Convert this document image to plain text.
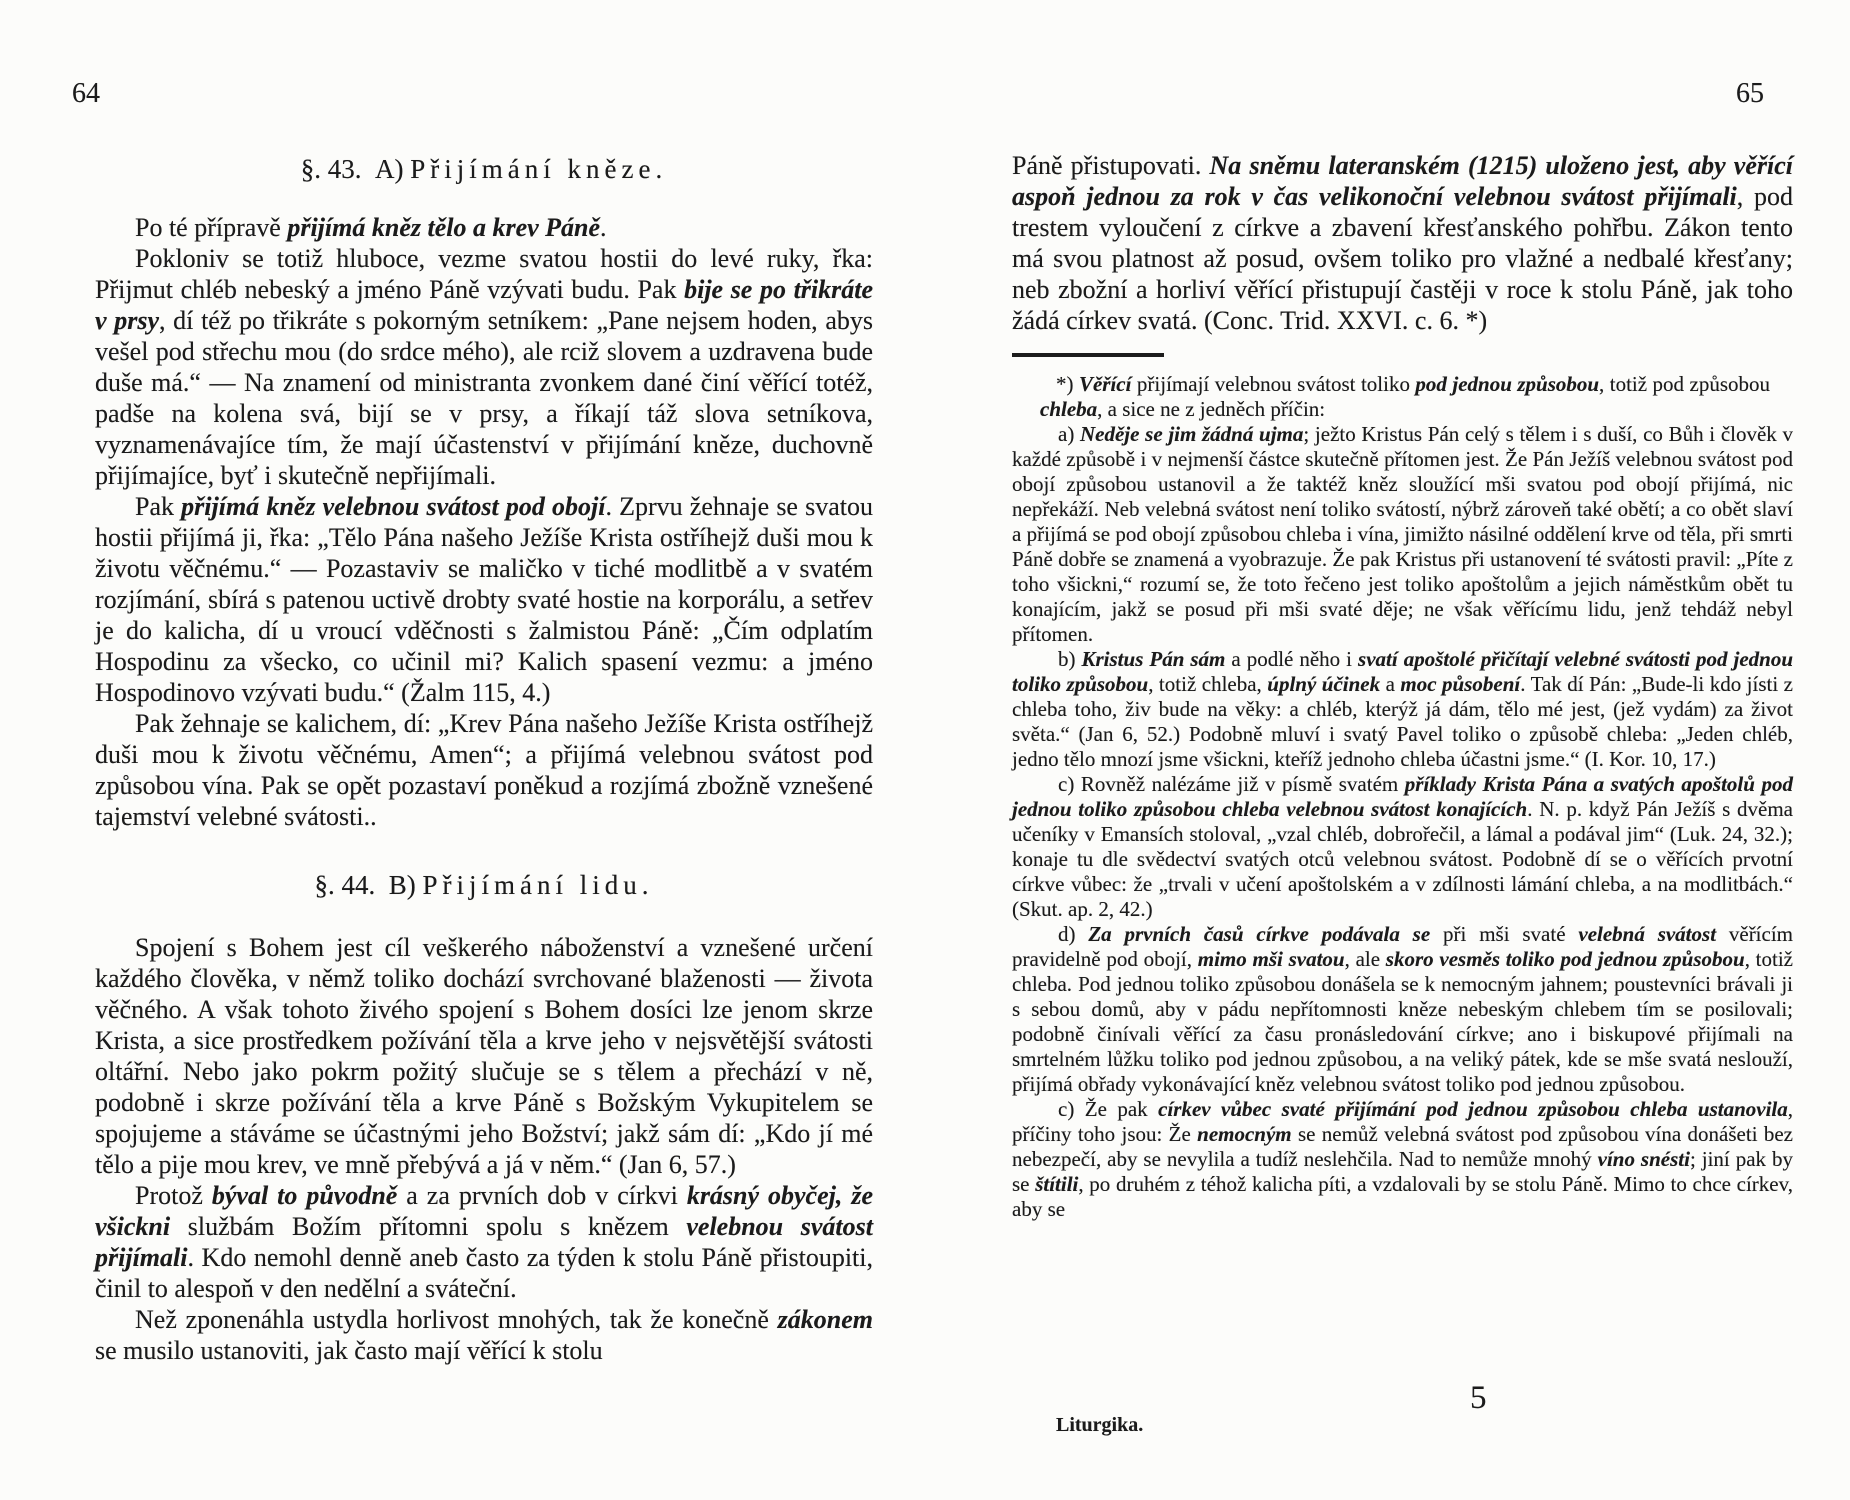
64	65

§. 43. A) Přijímání kněze.

Po té přípravě přijímá kněz tělo a krev Páně.

Pokloniv se totiž hluboce, vezme svatou hostii do levé ruky, řka: Přijmut chléb nebeský a jméno Páně vzývati budu. Pak bije se po třikráte v prsy, dí též po třikráte s pokorným setníkem: „Pane nejsem hoden, abys vešel pod střechu mou (do srdce mého), ale rciž slovem a uzdravena bude duše má.“ — Na znamení od ministranta zvonkem dané činí věřící totéž, padše na kolena svá, bijí se v prsy, a říkají táž slova setníkova, vyznamenávajíce tím, že mají účastenství v přijímání kněze, duchovně přijímajíce, byť i skutečně nepřijímali.

Pak přijímá kněz velebnou svátost pod obojí. Zprvu žehnaje se svatou hostii přijímá ji, řka: „Tělo Pána našeho Ježíše Krista ostříhejž duši mou k životu věčnému.“ — Pozastaviv se maličko v tiché modlitbě a v svatém rozjímání, sbírá s patenou uctivě drobty svaté hostie na korporálu, a setřev je do kalicha, dí u vroucí vděčnosti s žalmistou Páně: „Čím odplatím Hospodinu za všecko, co učinil mi? Kalich spasení vezmu: a jméno Hospodinovo vzývati budu.“ (Žalm 115, 4.)

Pak žehnaje se kalichem, dí: „Krev Pána našeho Ježíše Krista ostříhejž duši mou k životu věčnému, Amen“; a přijímá velebnou svátost pod způsobou vína. Pak se opět pozastaví poněkud a rozjímá zbožně vznešené tajemství velebné svátosti..

§. 44. B) Přijímání lidu.

Spojení s Bohem jest cíl veškerého náboženství a vznešené určení každého člověka, v němž toliko dochází svrchované blaženosti — života věčného. A však tohoto živého spojení s Bohem dosíci lze jenom skrze Krista, a sice prostředkem požívání těla a krve jeho v nejsvětější svátosti oltářní. Nebo jako pokrm požitý slučuje se s tělem a přechází v ně, podobně i skrze požívání těla a krve Páně s Božským Vykupitelem se spojujeme a stáváme se účastnými jeho Božství; jakž sám dí: „Kdo jí mé tělo a pije mou krev, ve mně přebývá a já v něm.“ (Jan 6, 57.)

Protož býval to původně a za prvních dob v církvi krásný obyčej, že všickni službám Božím přítomni spolu s knězem velebnou svátost přijímali. Kdo nemohl denně aneb často za týden k stolu Páně přistoupiti, činil to alespoň v den nedělní a sváteční.

Než zponenáhla ustydla horlivost mnohých, tak že konečně zákonem se musilo ustanoviti, jak často mají věřící k stolu

Páně přistupovati. Na sněmu lateranském (1215) uloženo jest, aby věřící aspoň jednou za rok v čas velikonoční velebnou svátost přijímali, pod trestem vyloučení z církve a zbavení křesťanského pohřbu. Zákon tento má svou platnost až posud, ovšem toliko pro vlažné a nedbalé křesťany; neb zbožní a horliví věřící přistupují častěji v roce k stolu Páně, jak toho žádá církev svatá. (Conc. Trid. XXVI. c. 6. *)

*) Věřící přijímají velebnou svátost toliko pod jednou způsobou, totiž pod způsobou chleba, a sice ne z jedněch příčin:

a) Neděje se jim žádná ujma; ježto Kristus Pán celý s tělem i s duší, co Bůh i člověk v každé způsobě i v nejmenší částce skutečně přítomen jest. Že Pán Ježíš velebnou svátost pod obojí způsobou ustanovil a že taktéž kněz sloužící mši svatou pod obojí přijímá, nic nepřekáží. Neb velebná svátost není toliko svátostí, nýbrž zároveň také obětí; a co obět slaví a přijímá se pod obojí způsobou chleba i vína, jimižto násilné oddělení krve od těla, při smrti Páně dobře se znamená a vyobrazuje. Že pak Kristus při ustanovení té svátosti pravil: „Píte z toho všickni,“ rozumí se, že toto řečeno jest toliko apoštolům a jejich náměstkům obět tu konajícím, jakž se posud při mši svaté děje; ne však věřícímu lidu, jenž tehdáž nebyl přítomen.

b) Kristus Pán sám a podlé něho i svatí apoštolé přičítají velebné svátosti pod jednou toliko způsobou, totiž chleba, úplný účinek a moc působení. Tak dí Pán: „Bude-li kdo jísti z chleba toho, živ bude na věky: a chléb, kterýž já dám, tělo mé jest, (jež vydám) za život světa.“ (Jan 6, 52.) Podobně mluví i svatý Pavel toliko o způsobě chleba: „Jeden chléb, jedno tělo mnozí jsme všickni, kteříž jednoho chleba účastni jsme.“ (I. Kor. 10, 17.)

c) Rovněž nalézáme již v písmě svatém příklady Krista Pána a svatých apoštolů pod jednou toliko způsobou chleba velebnou svátost konajících. N. p. když Pán Ježíš s dvěma učeníky v Emansích stoloval, „vzal chléb, dobrořečil, a lámal a podával jim“ (Luk. 24, 32.); konaje tu dle svědectví svatých otců velebnou svátost. Podobně dí se o věřících prvotní církve vůbec: že „trvali v učení apoštolském a v zdílnosti lámání chleba, a na modlitbách.“ (Skut. ap. 2, 42.)

d) Za prvních časů církve podávala se při mši svaté velebná svátost věřícím pravidelně pod obojí, mimo mši svatou, ale skoro vesměs toliko pod jednou způsobou, totiž chleba. Pod jednou toliko způsobou donášela se k nemocným jahnem; poustevníci brávali ji s sebou domů, aby v pádu nepřítomnosti kněze nebeským chlebem tím se posilovali; podobně činívali věřící za času pronásledování církve; ano i biskupové přijímali na smrtelném lůžku toliko pod jednou způsobou, a na veliký pátek, kde se mše svatá neslouží, přijímá obřady vykonávající kněz velebnou svátost toliko pod jednou způsobou.

c) Že pak církev vůbec svaté přijímání pod jednou způsobou chleba ustanovila, příčiny toho jsou: Že nemocným se nemůž velebná svátost pod způsobou vína donášeti bez nebezpečí, aby se nevylila a tudíž neslehčila. Nad to nemůže mnohý víno snésti; jiní pak by se štítili, po druhém z téhož kalicha píti, a vzdalovali by se stolu Páně. Mimo to chce církev, aby se

Liturgika.
5
